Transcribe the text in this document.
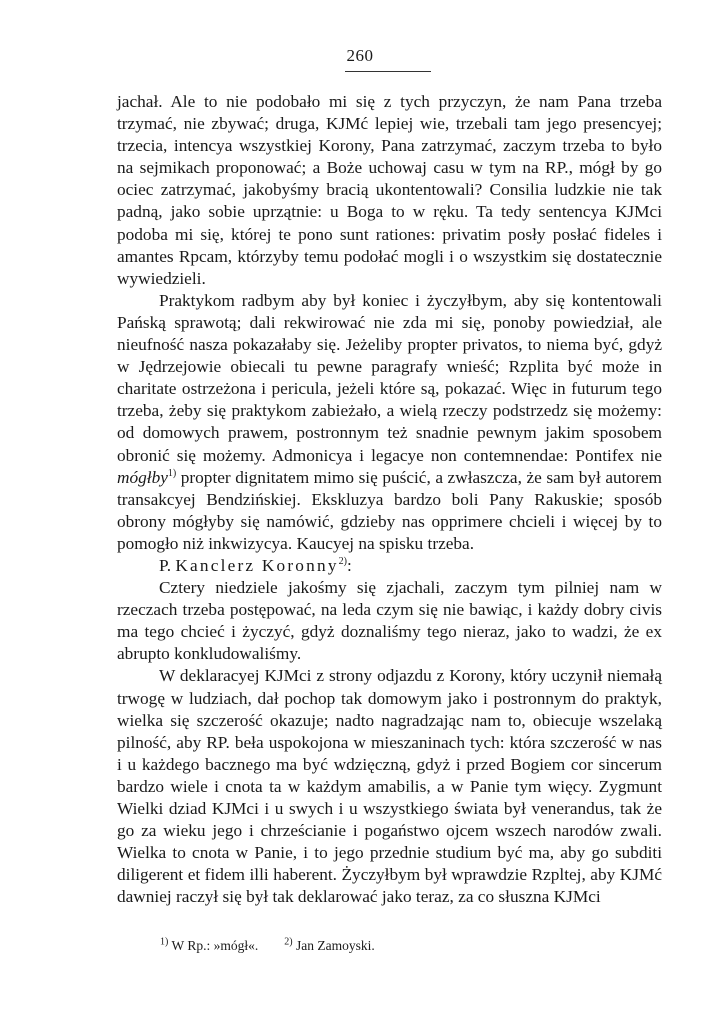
260

jachał. Ale to nie podobało mi się z tych przyczyn, że nam Pana trzeba trzymać, nie zbywać; druga, KJMć lepiej wie, trzebali tam jego presencyej; trzecia, intencya wszystkiej Korony, Pana zatrzymać, zaczym trzeba to było na sejmikach proponować; a Boże uchowaj casu w tym na RP., mógł by go ociec zatrzymać, jakobyśmy bracią ukontentowali? Consilia ludzkie nie tak padną, jako sobie uprzątnie: u Boga to w ręku. Ta tedy sentencya KJMci podoba mi się, której te pono sunt rationes: privatim posły posłać fideles i amantes Rpcam, którzyby temu podołać mogli i o wszystkim się dostatecznie wywiedzieli.

Praktykom radbym aby był koniec i życzyłbym, aby się kontentowali Pańską sprawotą; dali rekwirować nie zda mi się, ponoby powiedział, ale nieufność nasza pokazałaby się. Jeżeliby propter privatos, to niema być, gdyż w Jędrzejowie obiecali tu pewne paragrafy wnieść; Rzplita być może in charitate ostrzeżona i pericula, jeżeli które są, pokazać. Więc in futurum tego trzeba, żeby się praktykom zabieżało, a wielą rzeczy podstrzedz się możemy: od domowych prawem, postronnym też snadnie pewnym jakim sposobem obronić się możemy. Admonicya i legacye non contemnendae: Pontifex nie mógłby$^{1)}$ propter dignitatem mimo się puścić, a zwłaszcza, że sam był autorem transakcyej Bendzińskiej. Ekskluzya bardzo boli Pany Rakuskie; sposób obrony mógłyby się namówić, gdzieby nas opprimere chcieli i więcej by to pomogło niż inkwizycya. Kaucyej na spisku trzeba.

P. Kanclerz Koronny$^{2)}$:

Cztery niedziele jakośmy się zjachali, zaczym tym pilniej nam w rzeczach trzeba postępować, na leda czym się nie bawiąc, i każdy dobry civis ma tego chcieć i życzyć, gdyż doznaliśmy tego nieraz, jako to wadzi, że ex abrupto konkludowaliśmy.

W deklaracyej KJMci z strony odjazdu z Korony, który uczynił niemałą trwogę w ludziach, dał pochop tak domowym jako i postronnym do praktyk, wielka się szczerość okazuje; nadto nagradzając nam to, obiecuje wszelaką pilność, aby RP. beła uspokojona w mieszaninach tych: która szczerość w nas i u każdego bacznego ma być wdzięczną, gdyż i przed Bogiem cor sincerum bardzo wiele i cnota ta w każdym amabilis, a w Panie tym więcy. Zygmunt Wielki dziad KJMci i u swych i u wszystkiego świata był venerandus, tak że go za wieku jego i chrześcianie i pogaństwo ojcem wszech narodów zwali. Wielka to cnota w Panie, i to jego przednie studium być ma, aby go subditi diligerent et fidem illi haberent. Życzyłbym był wprawdzie Rzpltej, aby KJMć dawniej raczył się był tak deklarować jako teraz, za co słuszna KJMci

$^{1)}$ W Rp.: »mógł«.	$^{2)}$ Jan Zamoyski.
